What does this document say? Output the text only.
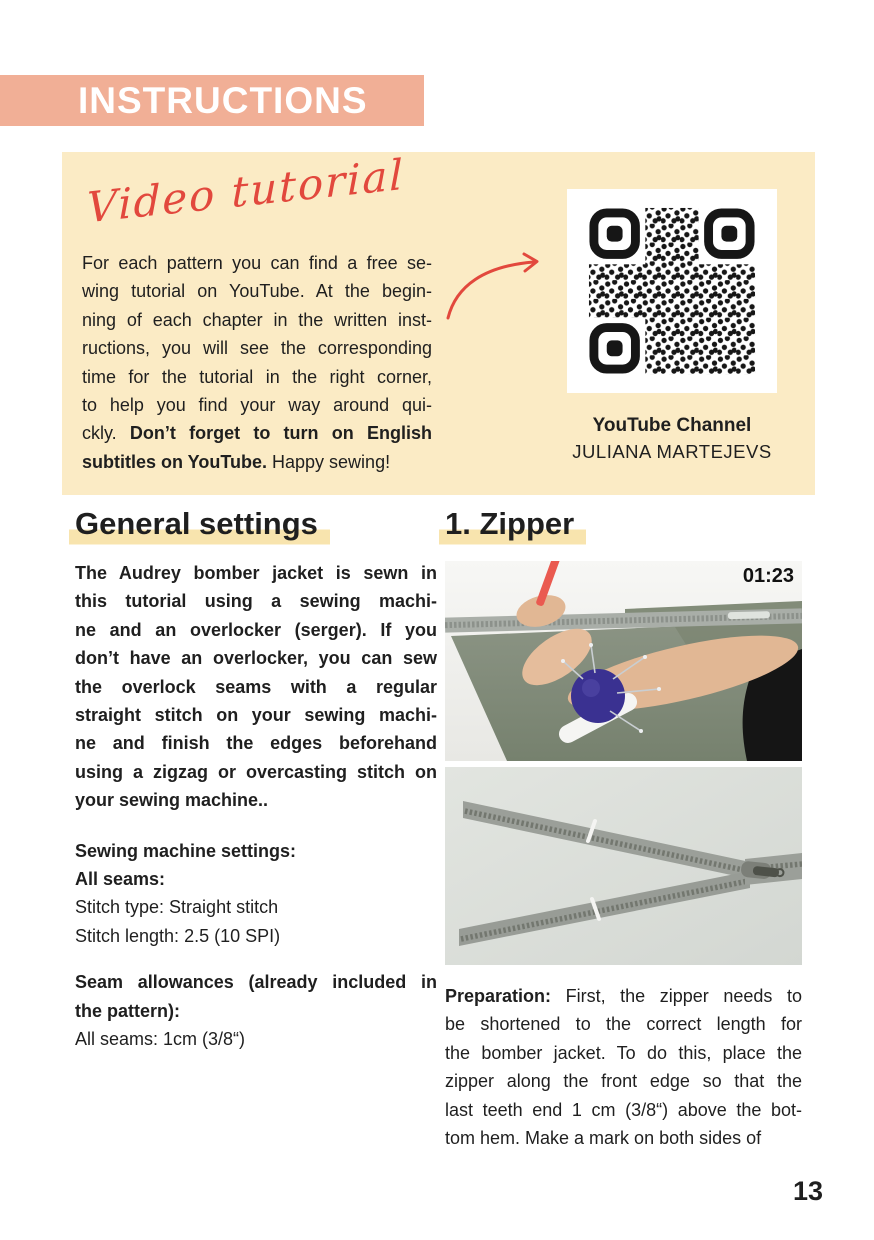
INSTRUCTIONS
Video tutorial
For each pattern you can find a free se-
wing tutorial on YouTube. At the begin-
ning of each chapter in the written inst-
ructions, you will see the corresponding
time for the tutorial in the right corner,
to help you find your way around qui-
ckly. Don’t forget to turn on English
subtitles on YouTube. Happy sewing!
YouTube Channel
JULIANA MARTEJEVS
General settings
The Audrey bomber jacket is sewn in
this tutorial using a sewing machi-
ne and an overlocker (serger). If you
don’t have an overlocker, you can sew
the overlock seams with a regular
straight stitch on your sewing machi-
ne and finish the edges beforehand
using a zigzag or overcasting stitch on
your sewing machine..
Sewing machine settings:
All seams:
Stitch type: Straight stitch
Stitch length: 2.5 (10 SPI)
Seam allowances (already included in
the pattern):
All seams: 1cm (3/8“)
1. Zipper
01:23
Preparation: First, the zipper needs to
be shortened to the correct length for
the bomber jacket. To do this, place the
zipper along the front edge so that the
last teeth end 1 cm (3/8“) above the bot-
tom hem. Make a mark on both sides of
13
